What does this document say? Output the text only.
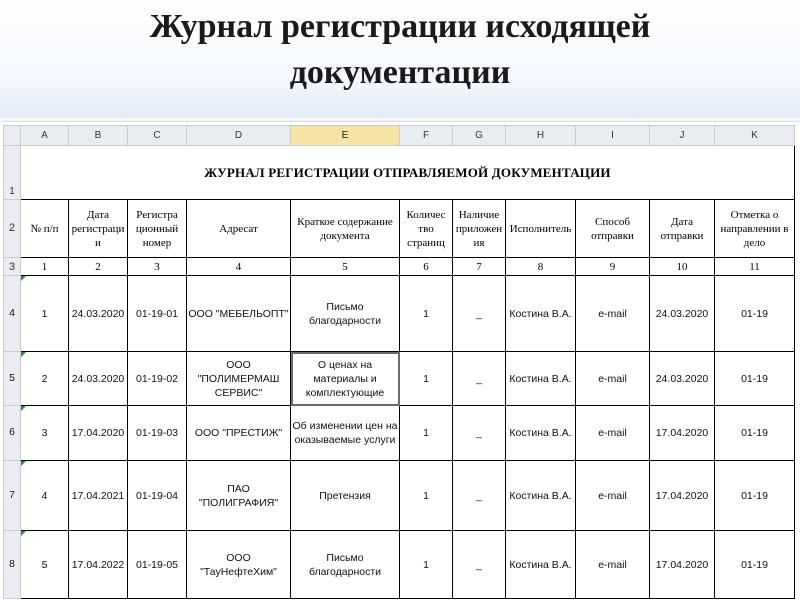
Журнал регистрации исходящей
документации
	A	B	C	D	E	F	G	H	I	J	K
1	ЖУРНАЛ РЕГИСТРАЦИИ ОТПРАВЛЯЕМОЙ ДОКУМЕНТАЦИИ										
2	№ п/п	Дата регистраци и	Регистра ционный номер	Адресат	Краткое содержание документа	Количес тво страниц	Наличие приложен ия	Исполнитель	Способ отправки	Дата отправки	Отметка о направлении в дело
3	1	2	3	4	5	6	7	8	9	10	11
4	1	24.03.2020	01-19-01	ООО "МЕБЕЛЬОПТ"	Письмо благодарности	1	_	Костина В.А.	e-mail	24.03.2020	01-19
5	2	24.03.2020	01-19-02	ООО "ПОЛИМЕРМАШ СЕРВИС"	О ценах на материалы и комплектующие	1	_	Костина В.А.	e-mail	24.03.2020	01-19
6	3	17.04.2020	01-19-03	ООО "ПРЕСТИЖ"	Об изменении цен на оказываемые услуги	1	_	Костина В.А.	e-mail	17.04.2020	01-19
7	4	17.04.2021	01-19-04	ПАО "ПОЛИГРАФИЯ"	Претензия	1	_	Костина В.А.	e-mail	17.04.2020	01-19
8	5	17.04.2022	01-19-05	ООО "ТауНефтеХим"	Письмо благодарности	1	_	Костина В.А.	e-mail	17.04.2020	01-19
